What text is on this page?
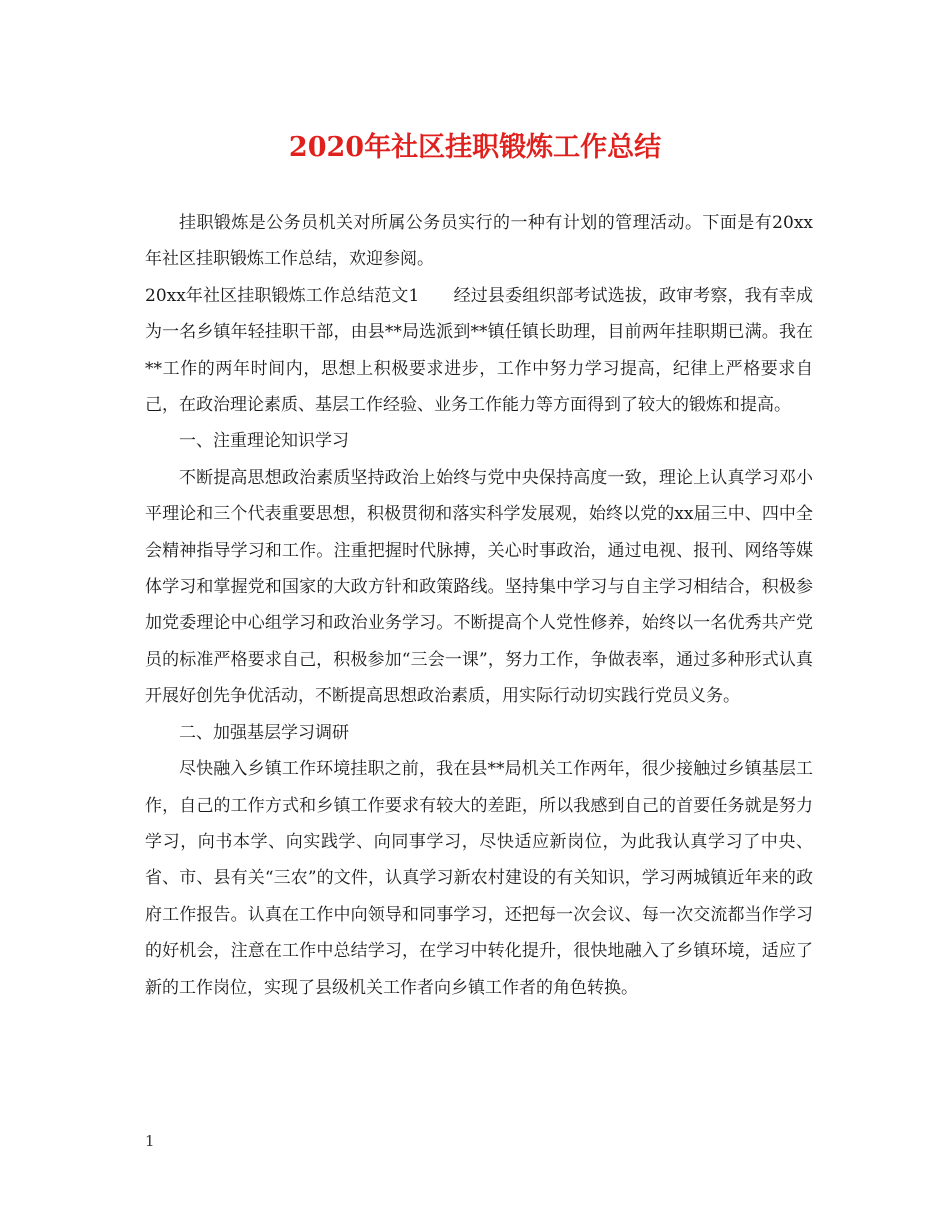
2020年社区挂职锻炼工作总结

挂职锻炼是公务员机关对所属公务员实行的一种有计划的管理活动。下面是有20xx年社区挂职锻炼工作总结，欢迎参阅。

20xx年社区挂职锻炼工作总结范文1　　经过县委组织部考试选拔，政审考察，我有幸成为一名乡镇年轻挂职干部，由县**局选派到**镇任镇长助理，目前两年挂职期已满。我在**工作的两年时间内，思想上积极要求进步，工作中努力学习提高，纪律上严格要求自己，在政治理论素质、基层工作经验、业务工作能力等方面得到了较大的锻炼和提高。

一、注重理论知识学习

不断提高思想政治素质坚持政治上始终与党中央保持高度一致，理论上认真学习邓小平理论和三个代表重要思想，积极贯彻和落实科学发展观，始终以党的xx届三中、四中全会精神指导学习和工作。注重把握时代脉搏，关心时事政治，通过电视、报刊、网络等媒体学习和掌握党和国家的大政方针和政策路线。坚持集中学习与自主学习相结合，积极参加党委理论中心组学习和政治业务学习。不断提高个人党性修养，始终以一名优秀共产党员的标准严格要求自己，积极参加“三会一课”，努力工作，争做表率，通过多种形式认真开展好创先争优活动，不断提高思想政治素质，用实际行动切实践行党员义务。

二、加强基层学习调研

尽快融入乡镇工作环境挂职之前，我在县**局机关工作两年，很少接触过乡镇基层工作，自己的工作方式和乡镇工作要求有较大的差距，所以我感到自己的首要任务就是努力学习，向书本学、向实践学、向同事学习，尽快适应新岗位，为此我认真学习了中央、省、市、县有关“三农”的文件，认真学习新农村建设的有关知识，学习两城镇近年来的政府工作报告。认真在工作中向领导和同事学习，还把每一次会议、每一次交流都当作学习的好机会，注意在工作中总结学习，在学习中转化提升，很快地融入了乡镇环境，适应了新的工作岗位，实现了县级机关工作者向乡镇工作者的角色转换。

1
